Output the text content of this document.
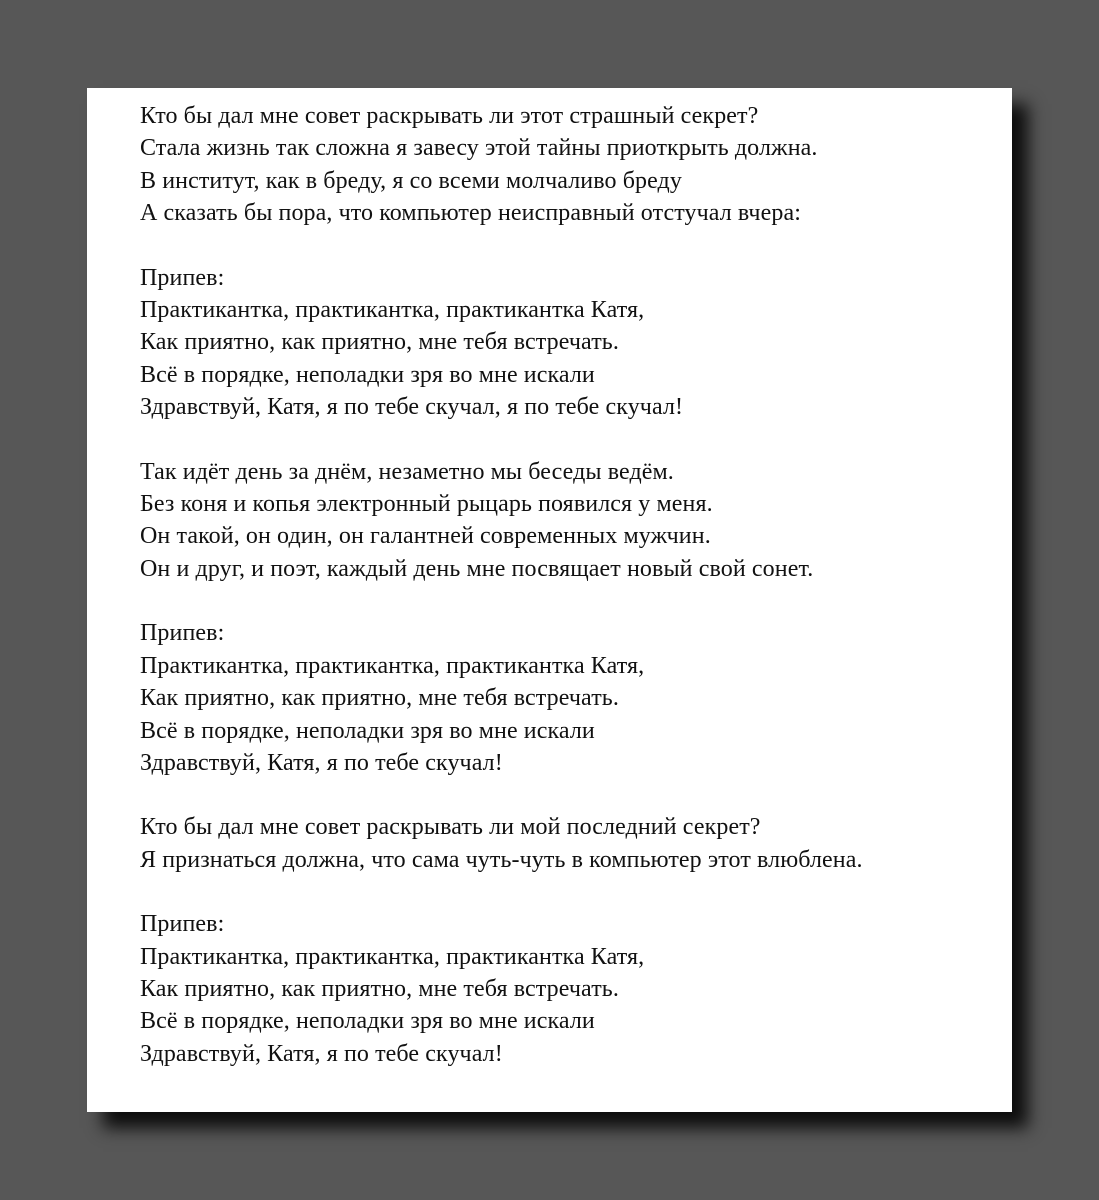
Кто бы дал мне совет раскрывать ли этот страшный секрет?
Стала жизнь так сложна я завесу этой тайны приоткрыть должна.
В институт, как в бреду, я со всеми молчаливо бреду
А сказать бы пора, что компьютер неисправный отстучал вчера:
Припев:
Практикантка, практикантка, практикантка Катя,
Как приятно, как приятно, мне тебя встречать.
Всё в порядке, неполадки зря во мне искали
Здравствуй, Катя, я по тебе скучал, я по тебе скучал!
Так идёт день за днём, незаметно мы беседы ведём.
Без коня и копья электронный рыцарь появился у меня.
Он такой, он один, он галантней современных мужчин.
Он и друг, и поэт, каждый день мне посвящает новый свой сонет.
Припев:
Практикантка, практикантка, практикантка Катя,
Как приятно, как приятно, мне тебя встречать.
Всё в порядке, неполадки зря во мне искали
Здравствуй, Катя, я по тебе скучал!
Кто бы дал мне совет раскрывать ли мой последний секрет?
Я признаться должна, что сама чуть-чуть в компьютер этот влюблена.
Припев:
Практикантка, практикантка, практикантка Катя,
Как приятно, как приятно, мне тебя встречать.
Всё в порядке, неполадки зря во мне искали
Здравствуй, Катя, я по тебе скучал!
